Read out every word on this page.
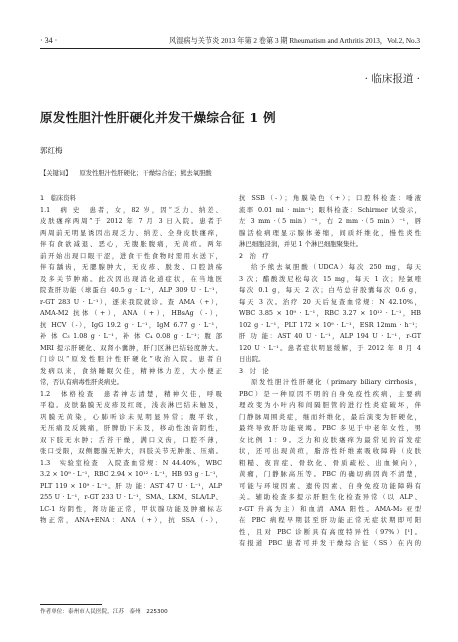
· 34 ·	风湿病与关节炎 2013 年第 2 卷第 3 期 Rheumatism and Arthritis 2013，Vol.2, No.3
· 临床报道 ·
原发性胆汁性肝硬化并发干燥综合征 1 例
郭红梅
【关键词】 原发性胆汁性肝硬化；干燥综合征；熊去氧胆酸
1　临床资料
1.1　病 史　患者，女，82 岁，因“乏力、纳差、
皮肤瘙痒两周”于 2012 年 7 月 3 日入院。患者于
两周前无明显诱因出现乏力、纳差、全身皮肤瘙痒，
伴有食欲减退、恶心，无腹胀腹痛，无黄疸。两年
前开始出现口眼干涩，进食干性食物时需用水送下，
伴有龋齿，无腮腺肿大，无皮疹、脱发、口腔溃疡
及多关节肿痛。此次因出现消化道症状，在当地医
院查肝功能（球蛋白 40.5 g · L⁻¹，ALP 309 U · L⁻¹，
r-GT 283 U · L⁻¹），逐来我院就诊。查 AMA（+），
AMA-M2 抗体（+），ANA（+），HBsAg（-），
抗 HCV（-），IgG 19.2 g · L⁻¹，IgM 6.77 g · L⁻¹，
补 体 C₃ 1.08 g · L⁻¹，补 体 C₄ 0.08 g · L⁻¹；腹 部
MRI 提示肝硬化、双肾小囊肿，肝门区淋巴结轻度肿大。
门诊以“原发性胆汁性肝硬化”收治入院。患者自
发病以来，食纳睡眠欠佳，精神体力差，大小便正
常，否认有病毒性肝炎病史。
1.2　体格检查　患者神志清楚，精神欠佳，呼吸
平稳。皮肤黏膜无皮疹及红斑，浅表淋巴结未触及，
巩膜无黄染，心肺听诊未见明显异常；腹平软，
无压痛及反跳痛，肝脾肋下未及，移动性浊音阴性，
双下肢无水肿；舌苔干燥，满口义齿，口腔不薄，
张口受限，双侧腮腺无肿大，四肢关节无肿胀、压痛。
1.3　实验室检查　入院查血常规：N 44.40%，WBC
3.2 × 10⁹ · L⁻¹，RBC 2.94 × 10¹² · L⁻¹，HB 93 g · L⁻¹，
PLT 119 × 10⁹ · L⁻¹。肝 功 能：AST 47 U · L⁻¹，ALP
255 U · L⁻¹，r-GT 233 U · L⁻¹，SMA、LKM、SLA/LP、
LC-1 均阴性，肾功能正常，甲状腺功能及肿瘤标志
物正常，ANA+ENA：ANA（+），抗 SSA（-），
抗 SSB（-）；角膜染色（+）；口腔科检查：唾液
流率 0.01 ml · min⁻¹；眼科检查：Schirmer 试验示，
左 3 mm ·（5 min）⁻¹，右 2 mm ·（5 min）⁻¹，唇
腺活检病理显示腺体萎缩，间质纤维化，慢性炎性
淋巴细胞浸润，并见 1 个淋巴细胞聚集灶。
2　治　疗
给予熊去氧胆酸（UDCA）每次 250 mg，每天
3 次；醋酸泼尼松每次 15 mg，每天 1 次；羟氯喹
每次 0.1 g，每天 2 次；白芍总苷胶囊每次 0.6 g，
每天 3 次。治疗 20 天后复查血常规：N 42.10%，
WBC 3.85 × 10⁹ · L⁻¹，RBC 3.27 × 10¹² · L⁻¹，HB
102 g · L⁻¹，PLT 172 × 10⁹ · L⁻¹，ESR 12mm · h⁻¹；
肝 功 能：AST 40 U · L⁻¹，ALP 194 U · L⁻¹，r-GT
120 U · L⁻¹。患者症状明显缓解，于 2012 年 8 月 4
日出院。
3　讨　论
原发性胆汁性肝硬化（primary biliary cirrhosis，
PBC）是一种原因不明的自身免疫性疾病，主要病
理改变为小叶内和间隔胆管的进行性炎症破坏，伴
门静脉周围炎症，继而纤维化，最后演变为肝硬化，
最终导致肝功能衰竭。PBC 多见于中老年女性，男
女比例 1：9。乏力和皮肤瘙痒为最常见的首发症
状，还可出现黄疸，脂溶性纤维素吸收障碍（皮肤
粗糙、夜盲症、骨软化、骨质疏松、出血倾向），
黄瘤，门静脉高压等。PBC 的确切病因尚不清楚，
可能与环境因素、遗传因素、自身免疫功能障碍有
关。辅助检查多提示肝胆生化检查异常（以 ALP、
r-GT 升高为主）和血清 AMA 阳性。AMA-M₂ 亚型
在 PBC 病程早期甚至肝功能正常无症状期即可阳
性，且对 PBC 诊断具有高度特异性（97%）[¹]。
有报道 PBC 患者可并发干燥综合征（SS）在内的
作者单位：泰州市人民医院，江苏　泰州　225300
